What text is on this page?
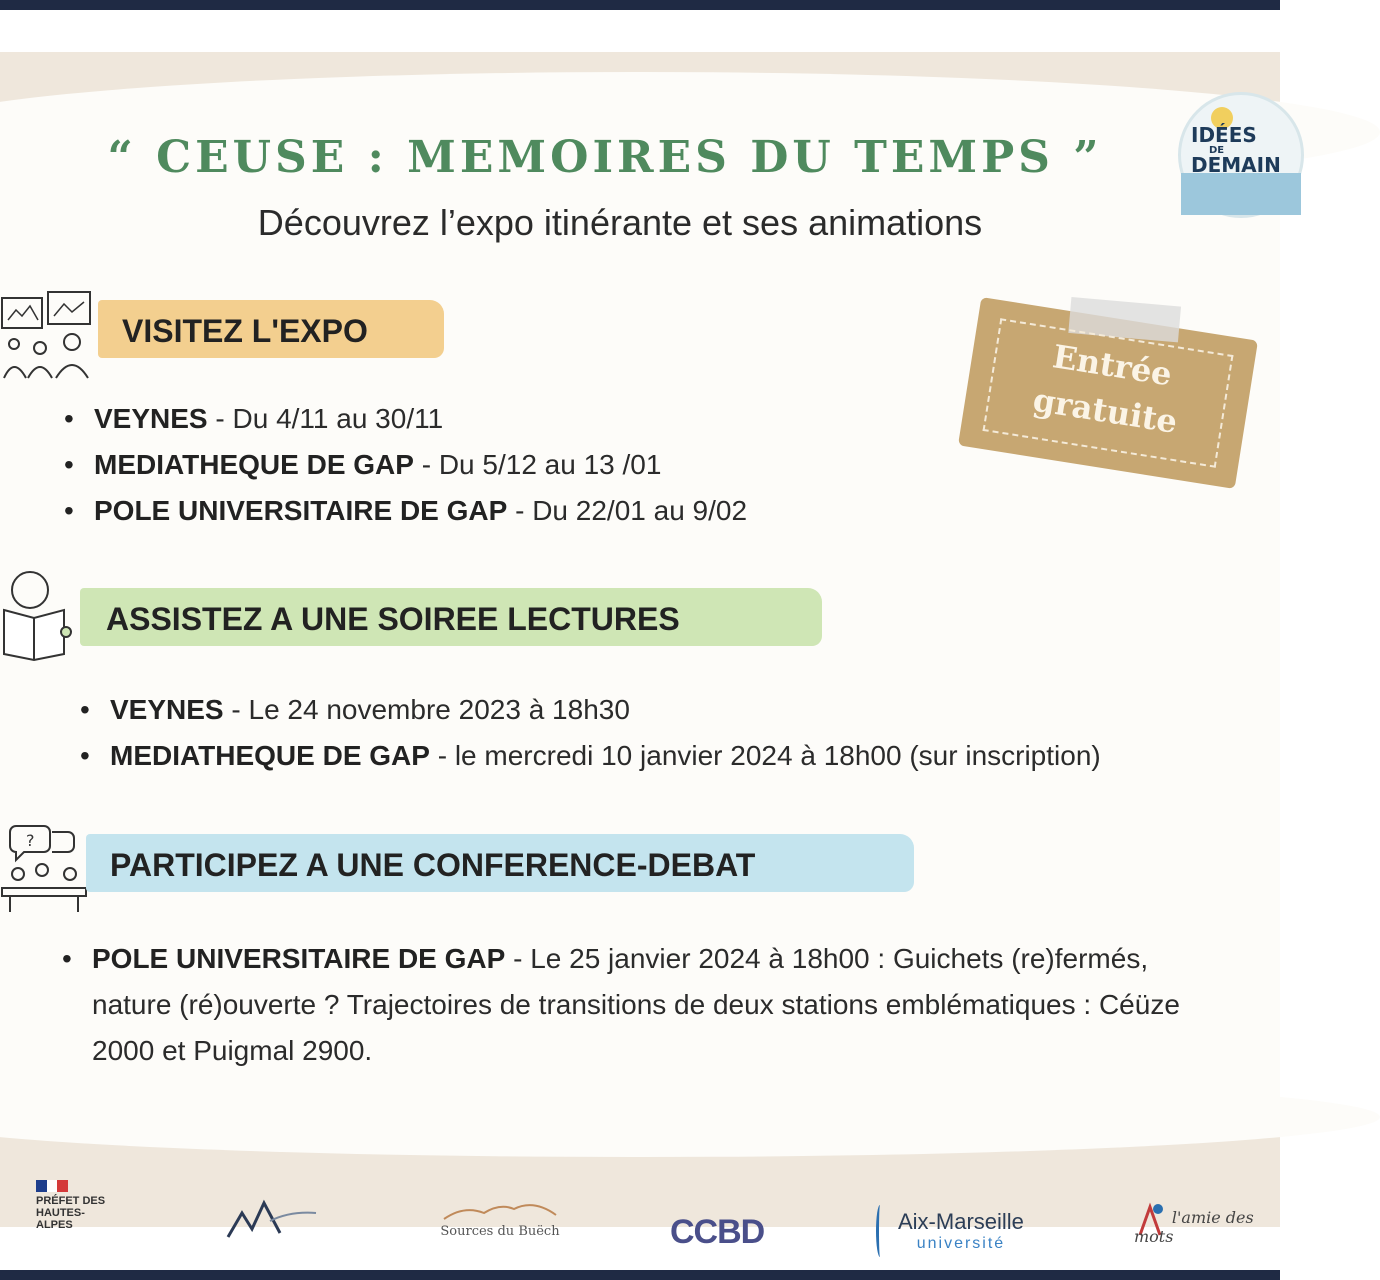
“ CEUSE : MEMOIRES DU TEMPS ”
Découvrez l’expo itinérante et ses animations
IDÉES
DE
DEMAIN
VISITEZ L'EXPO
• VEYNES - Du 4/11 au 30/11
• MEDIATHEQUE DE GAP - Du 5/12 au 13 /01
• POLE UNIVERSITAIRE DE GAP - Du 22/01 au 9/02
Entrée
gratuite
ASSISTEZ A UNE SOIREE LECTURES
• VEYNES - Le 24 novembre 2023 à 18h30
• MEDIATHEQUE DE GAP - le mercredi 10 janvier 2024 à 18h00 (sur inscription)
?
PARTICIPEZ A UNE CONFERENCE-DEBAT
• POLE UNIVERSITAIRE DE GAP - Le 25 janvier 2024 à 18h00 : Guichets (re)fermés, nature (ré)ouverte ? Trajectoires de transitions de deux stations emblématiques : Céüze 2000 et Puigmal 2900.
PRÉFET DES HAUTES-ALPES	Sources du Buëch	CCBD	Aix-Marseille
université
l'amie des mots
